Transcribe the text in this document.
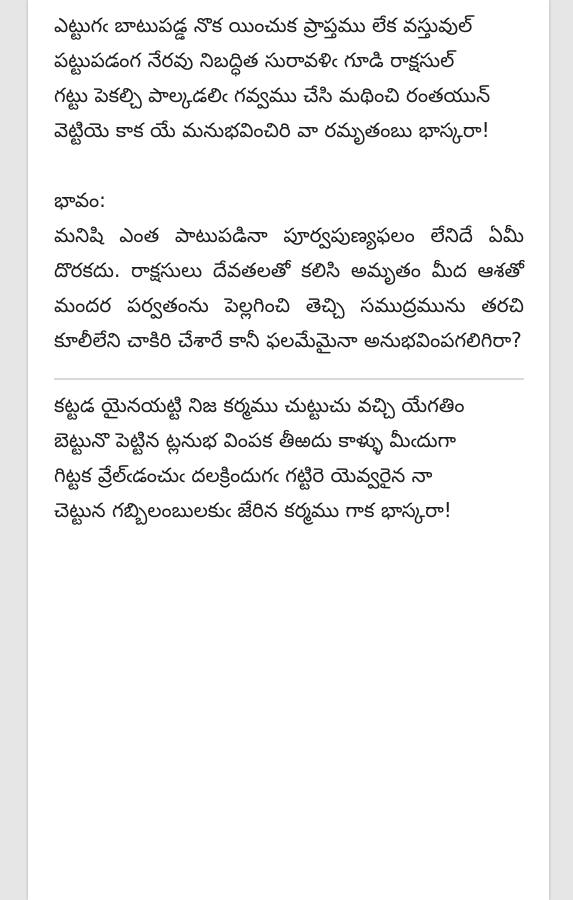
ఎట్టుగఁ బాటుపడ్డ నొక యించుక ప్రాప్తము లేక వస్తువుల్
పట్టుపడంగ నేరవు నిబద్ధిత సురావళిఁ గూడి రాక్షసుల్
గట్టు పెకల్చి పాల్కడలిఁ గవ్వము చేసి మథించి రంతయున్
వెట్టియె కాక యే మనుభవించిరి వా రమృతంబు భాస్కరా!
భావం:
మనిషి ఎంత పాటుపడినా పూర్వపుణ్యఫలం లేనిదే ఏమీ దొరకదు. రాక్షసులు దేవతలతో కలిసి అమృతం మీద ఆశతో మందర పర్వతంను పెల్లగించి తెచ్చి సముద్రమును తరచి కూలీలేని చాకిరి చేశారే కానీ ఫలమేమైనా అనుభవింపగలిగిరా?
కట్టడ యైనయట్టి నిజ కర్మము చుట్టుచు వచ్చి యేగతిం
బెట్టునొ పెట్టిన ట్లనుభ వింపక తీఱదు కాళ్ళు మీఁదుగా
గిట్టక వ్రేల్ఁడంచుఁ దలక్రిందుగఁ గట్టిరె యెవ్వరైన నా
చెట్టున గబ్బిలంబులకుఁ జేరిన కర్మము గాక భాస్కరా!
